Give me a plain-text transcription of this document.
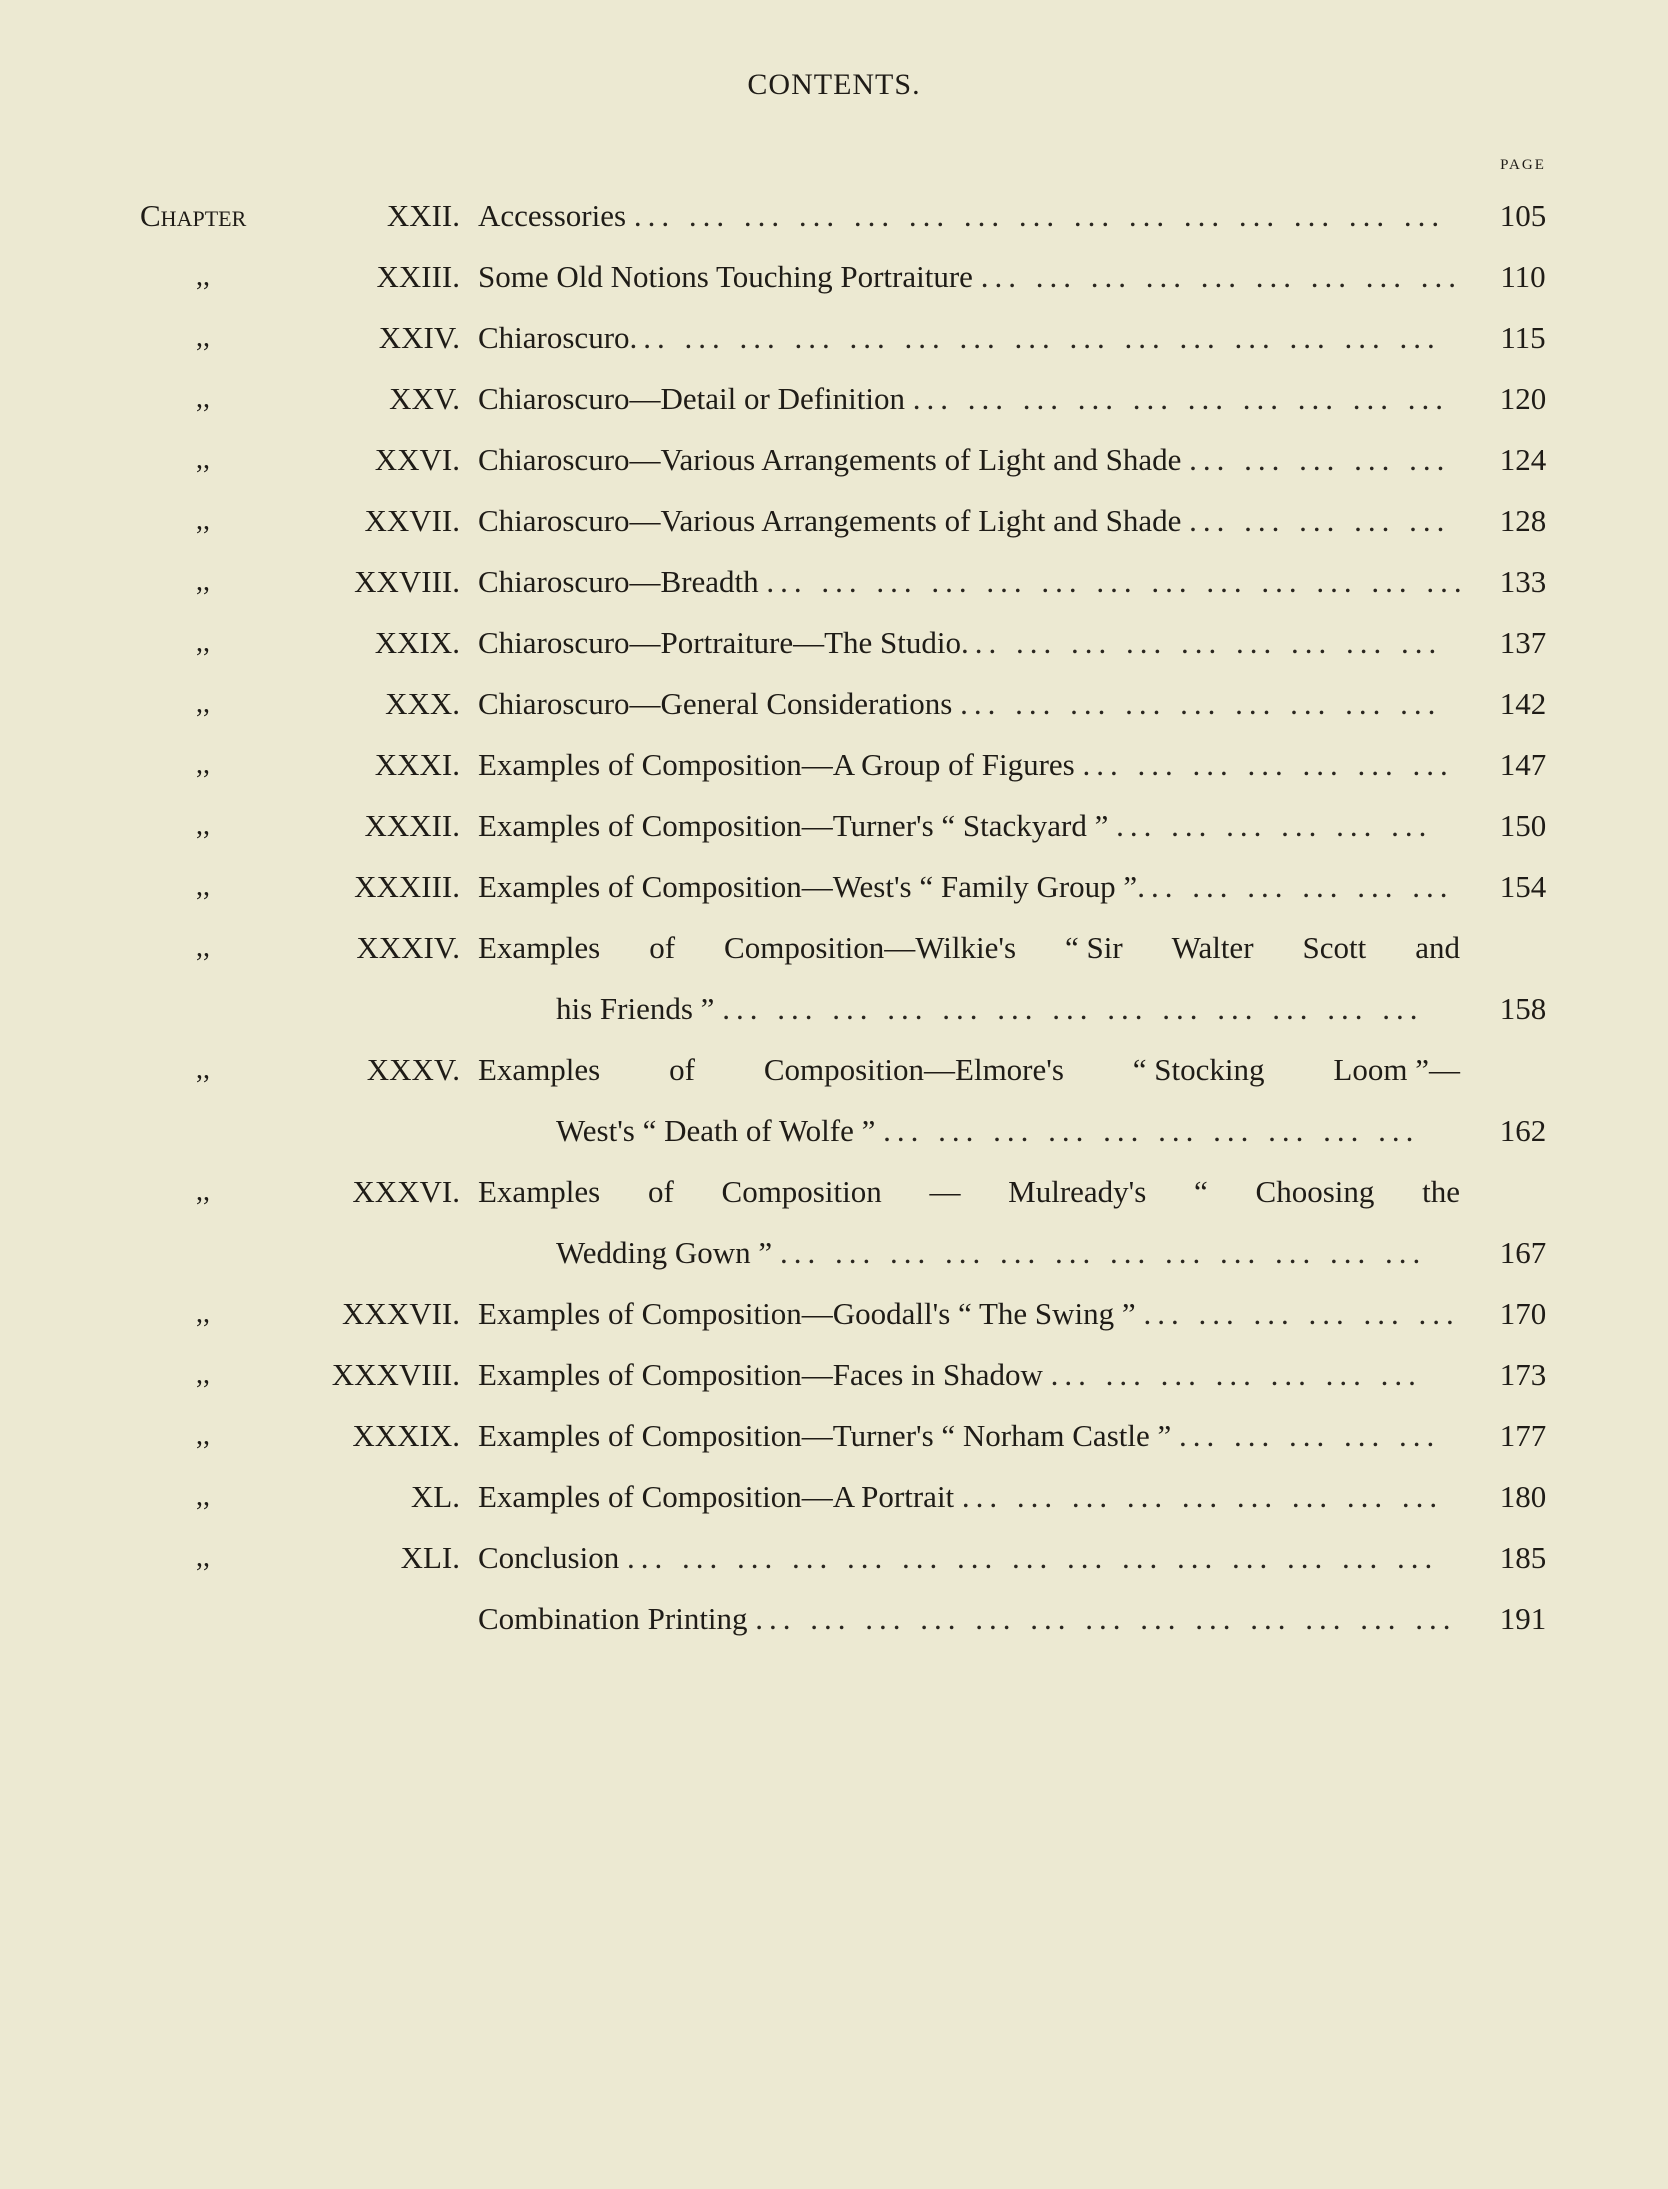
CONTENTS.
PAGE
Chapter	XXII. Accessories ... ... ... ... ... ... ... ... ... ... ... ... ... ... ...	105
,,	XXIII. Some Old Notions Touching Portraiture ... ... ... ... ... ... ... ... ...	110
,,	XXIV. Chiaroscuro... ... ... ... ... ... ... ... ... ... ... ... ... ... ...	115
,,	XXV. Chiaroscuro—Detail or Definition ... ... ... ... ... ... ... ... ... ...	120
,,	XXVI. Chiaroscuro—Various Arrangements of Light and Shade ... ... ... ... ...	124
,,	XXVII. Chiaroscuro—Various Arrangements of Light and Shade ... ... ... ... ...	128
,,	XXVIII. Chiaroscuro—Breadth ... ... ... ... ... ... ... ... ... ... ... ... ...	133
,,	XXIX. Chiaroscuro—Portraiture—The Studio... ... ... ... ... ... ... ... ...	137
,,	XXX. Chiaroscuro—General Considerations ... ... ... ... ... ... ... ... ...	142
,,	XXXI. Examples of Composition—A Group of Figures ... ... ... ... ... ... ...	147
,,	XXXII. Examples of Composition—Turner's “ Stackyard ” ... ... ... ... ... ...	150
,,	XXXIII. Examples of Composition—West's “ Family Group ”... ... ... ... ... ...	154
,,	XXXIV. Examples of Composition—Wilkie's “ Sir Walter Scott and
his Friends ” ... ... ... ... ... ... ... ... ... ... ... ... ...	158
,,	XXXV. Examples of Composition—Elmore's “ Stocking Loom ”—
West's “ Death of Wolfe ” ... ... ... ... ... ... ... ... ... ...	162
,,	XXXVI. Examples of Composition — Mulready's “ Choosing the
Wedding Gown ” ... ... ... ... ... ... ... ... ... ... ... ...	167
,,	XXXVII. Examples of Composition—Goodall's “ The Swing ” ... ... ... ... ... ...	170
,,	XXXVIII. Examples of Composition—Faces in Shadow ... ... ... ... ... ... ...	173
,,	XXXIX. Examples of Composition—Turner's “ Norham Castle ” ... ... ... ... ...	177
,,	XL. Examples of Composition—A Portrait ... ... ... ... ... ... ... ... ...	180
,,	XLI. Conclusion ... ... ... ... ... ... ... ... ... ... ... ... ... ... ...	185
Combination Printing ... ... ... ... ... ... ... ... ... ... ... ... ...	191
